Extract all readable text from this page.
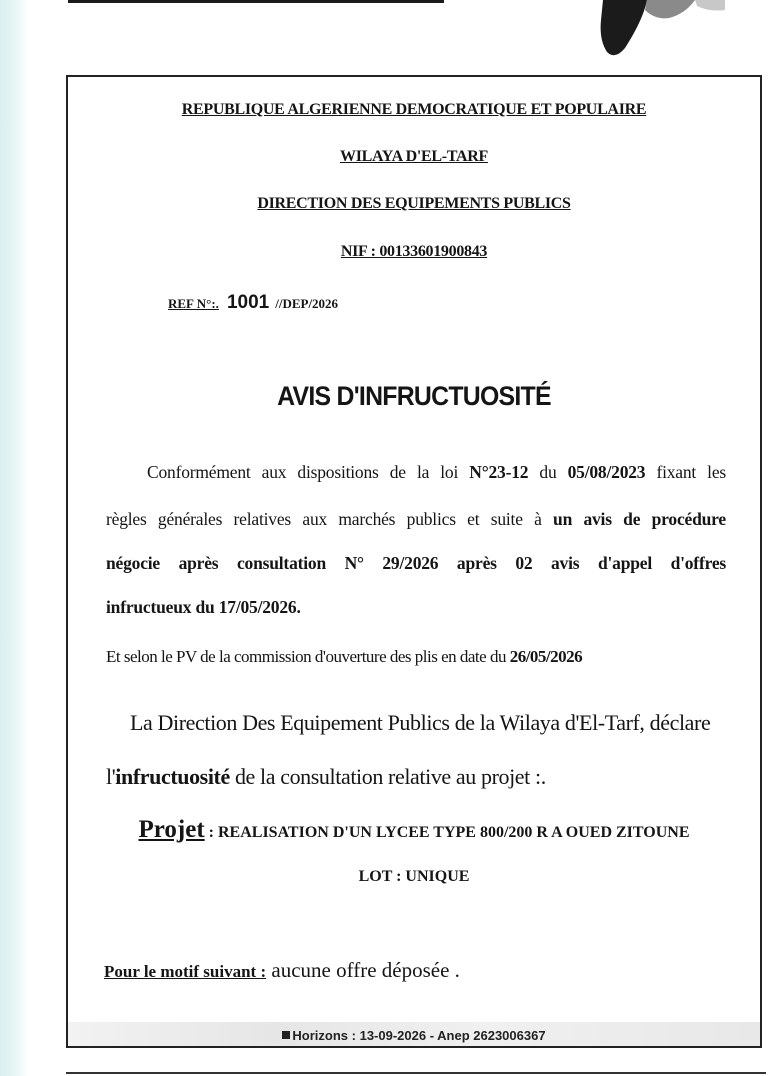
REPUBLIQUE ALGERIENNE DEMOCRATIQUE ET POPULAIRE
WILAYA D'EL-TARF
DIRECTION DES EQUIPEMENTS PUBLICS
NIF : 00133601900843
REF N°:. 1001 //DEP/2026
AVIS D'INFRUCTUOSITÉ
Conformément aux dispositions de la loi N°23-12 du 05/08/2023 fixant les
règles générales relatives aux marchés publics et suite à un avis de procédure
négocie après consultation N° 29/2026 après 02 avis d'appel d'offres
infructueux du 17/05/2026.
Et selon le PV de la commission d'ouverture des plis en date du 26/05/2026
La Direction Des Equipement Publics de la Wilaya d'El-Tarf, déclare
l'infructuosité de la consultation relative au projet :.
Projet : REALISATION D'UN LYCEE TYPE 800/200 R A OUED ZITOUNE
LOT : UNIQUE
Pour le motif suivant : aucune offre déposée .
Horizons : 13-09-2026 - Anep 2623006367
